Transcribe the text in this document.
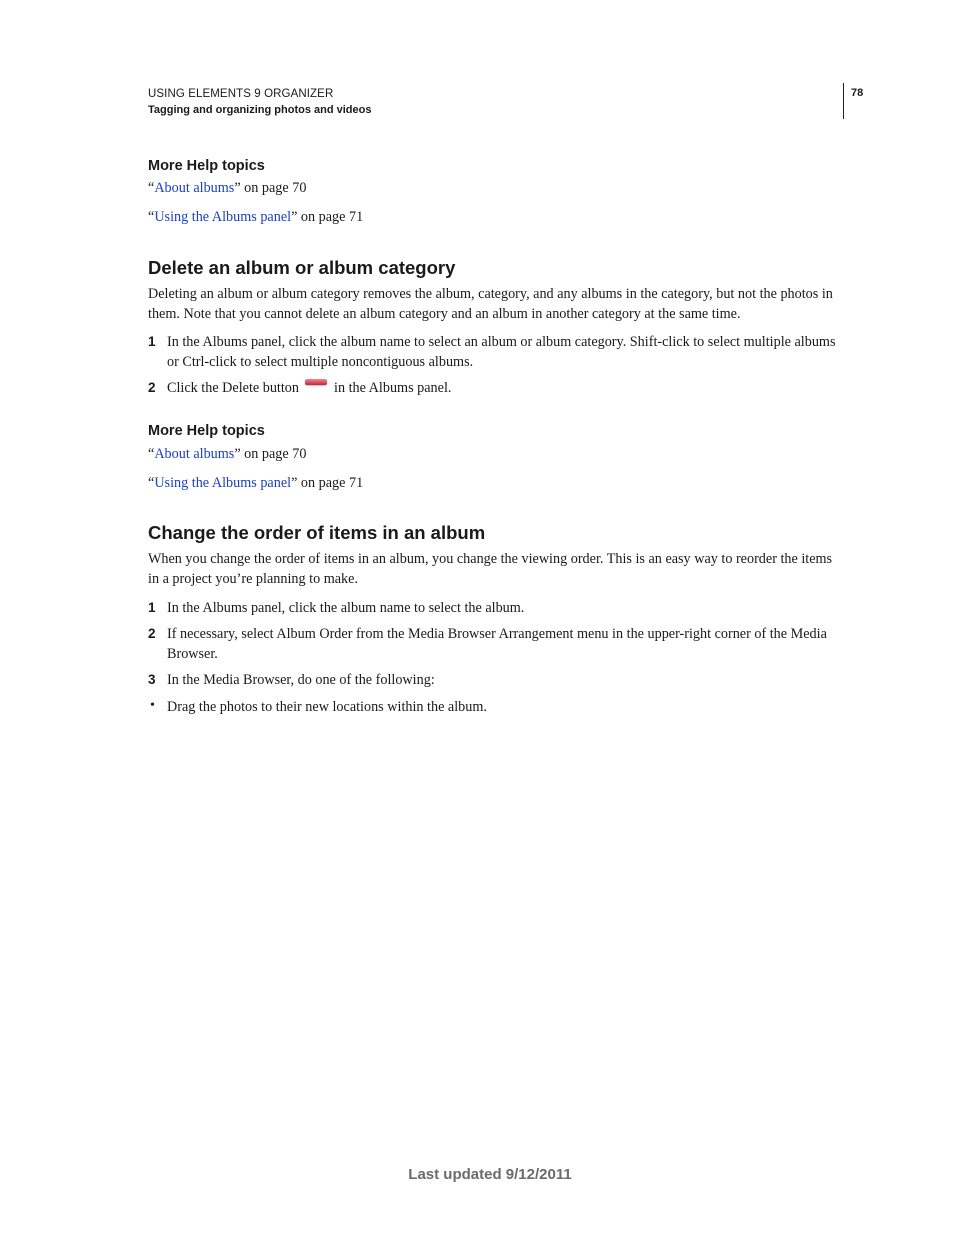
USING ELEMENTS 9 ORGANIZER
Tagging and organizing photos and videos
78
More Help topics
“About albums” on page 70
“Using the Albums panel” on page 71
Delete an album or album category
Deleting an album or album category removes the album, category, and any albums in the category, but not the photos in them. Note that you cannot delete an album category and an album in another category at the same time.
1 In the Albums panel, click the album name to select an album or album category. Shift-click to select multiple albums or Ctrl-click to select multiple noncontiguous albums.
2 Click the Delete button in the Albums panel.
More Help topics
“About albums” on page 70
“Using the Albums panel” on page 71
Change the order of items in an album
When you change the order of items in an album, you change the viewing order. This is an easy way to reorder the items in a project you’re planning to make.
1 In the Albums panel, click the album name to select the album.
2 If necessary, select Album Order from the Media Browser Arrangement menu in the upper-right corner of the Media Browser.
3 In the Media Browser, do one of the following:
• Drag the photos to their new locations within the album.
Last updated 9/12/2011
